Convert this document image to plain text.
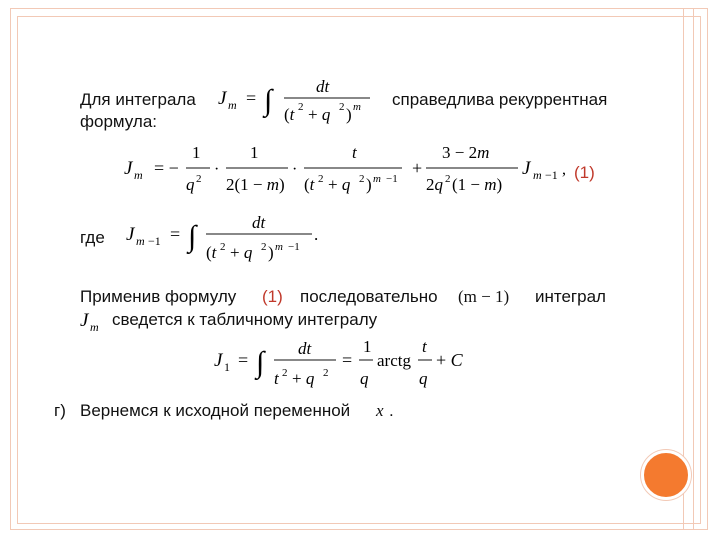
Для интеграла J m = ∫	dt
(t 2 + q 2 ) m справедлива рекуррентная
формула:
J m = −
1
q 2
·
1
2(1 − m)
·
t
(t 2 + q 2 ) m −1
+
3 − 2m
2q 2 (1 − m)
J m −1 , (1)
где J m −1 = ∫	dt
(t 2 + q 2 ) m −1
.
Применив формулу (1) последовательно (m − 1) интеграл
J m сведется к табличному интегралу
J 1 = ∫ dt
t 2 + q 2
=
1
q
arctg
t
q
+ C
г) Вернемся к исходной переменной x .
